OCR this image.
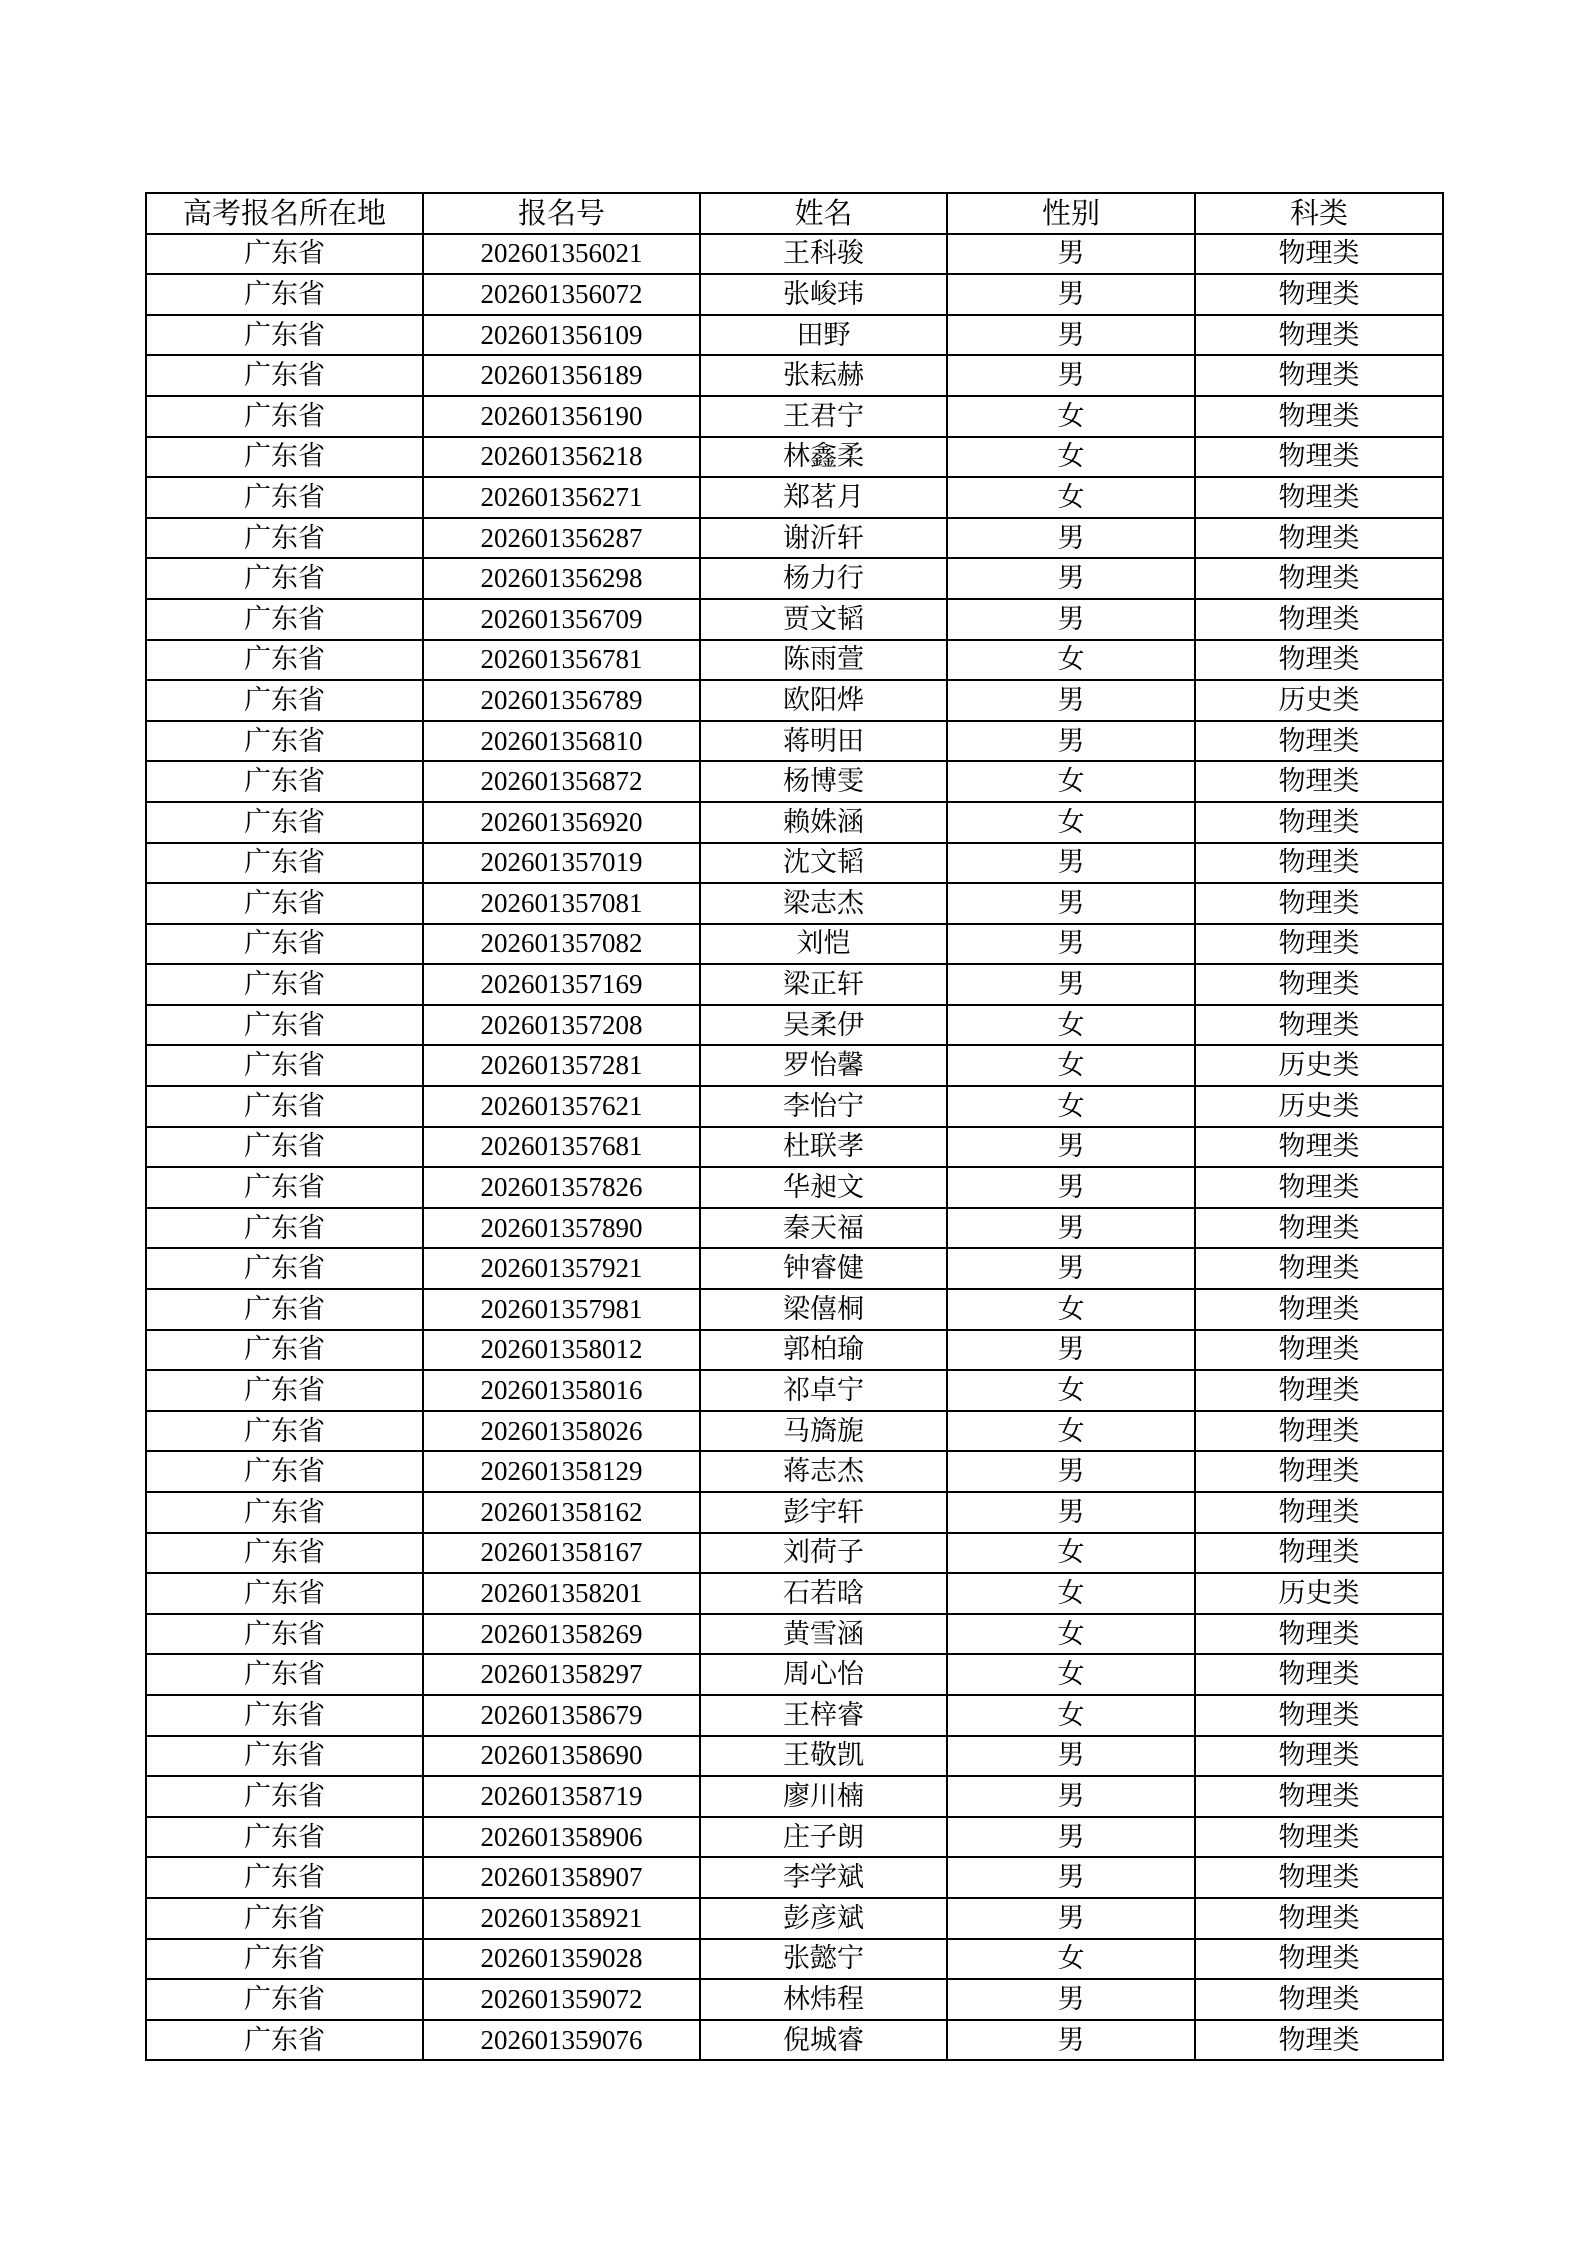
高考报名所在地	报名号	姓名	性别	科类
广东省	202601356021	王科骏	男	物理类
广东省	202601356072	张峻玮	男	物理类
广东省	202601356109	田野	男	物理类
广东省	202601356189	张耘赫	男	物理类
广东省	202601356190	王君宁	女	物理类
广东省	202601356218	林鑫柔	女	物理类
广东省	202601356271	郑茗月	女	物理类
广东省	202601356287	谢沂轩	男	物理类
广东省	202601356298	杨力行	男	物理类
广东省	202601356709	贾文韬	男	物理类
广东省	202601356781	陈雨萱	女	物理类
广东省	202601356789	欧阳烨	男	历史类
广东省	202601356810	蒋明田	男	物理类
广东省	202601356872	杨博雯	女	物理类
广东省	202601356920	赖姝涵	女	物理类
广东省	202601357019	沈文韬	男	物理类
广东省	202601357081	梁志杰	男	物理类
广东省	202601357082	刘恺	男	物理类
广东省	202601357169	梁正轩	男	物理类
广东省	202601357208	吴柔伊	女	物理类
广东省	202601357281	罗怡馨	女	历史类
广东省	202601357621	李怡宁	女	历史类
广东省	202601357681	杜联孝	男	物理类
广东省	202601357826	华昶文	男	物理类
广东省	202601357890	秦天福	男	物理类
广东省	202601357921	钟睿健	男	物理类
广东省	202601357981	梁僖桐	女	物理类
广东省	202601358012	郭柏瑜	男	物理类
广东省	202601358016	祁卓宁	女	物理类
广东省	202601358026	马旖旎	女	物理类
广东省	202601358129	蒋志杰	男	物理类
广东省	202601358162	彭宇轩	男	物理类
广东省	202601358167	刘荷子	女	物理类
广东省	202601358201	石若晗	女	历史类
广东省	202601358269	黄雪涵	女	物理类
广东省	202601358297	周心怡	女	物理类
广东省	202601358679	王梓睿	女	物理类
广东省	202601358690	王敬凯	男	物理类
广东省	202601358719	廖川楠	男	物理类
广东省	202601358906	庄子朗	男	物理类
广东省	202601358907	李学斌	男	物理类
广东省	202601358921	彭彦斌	男	物理类
广东省	202601359028	张懿宁	女	物理类
广东省	202601359072	林炜程	男	物理类
广东省	202601359076	倪城睿	男	物理类
